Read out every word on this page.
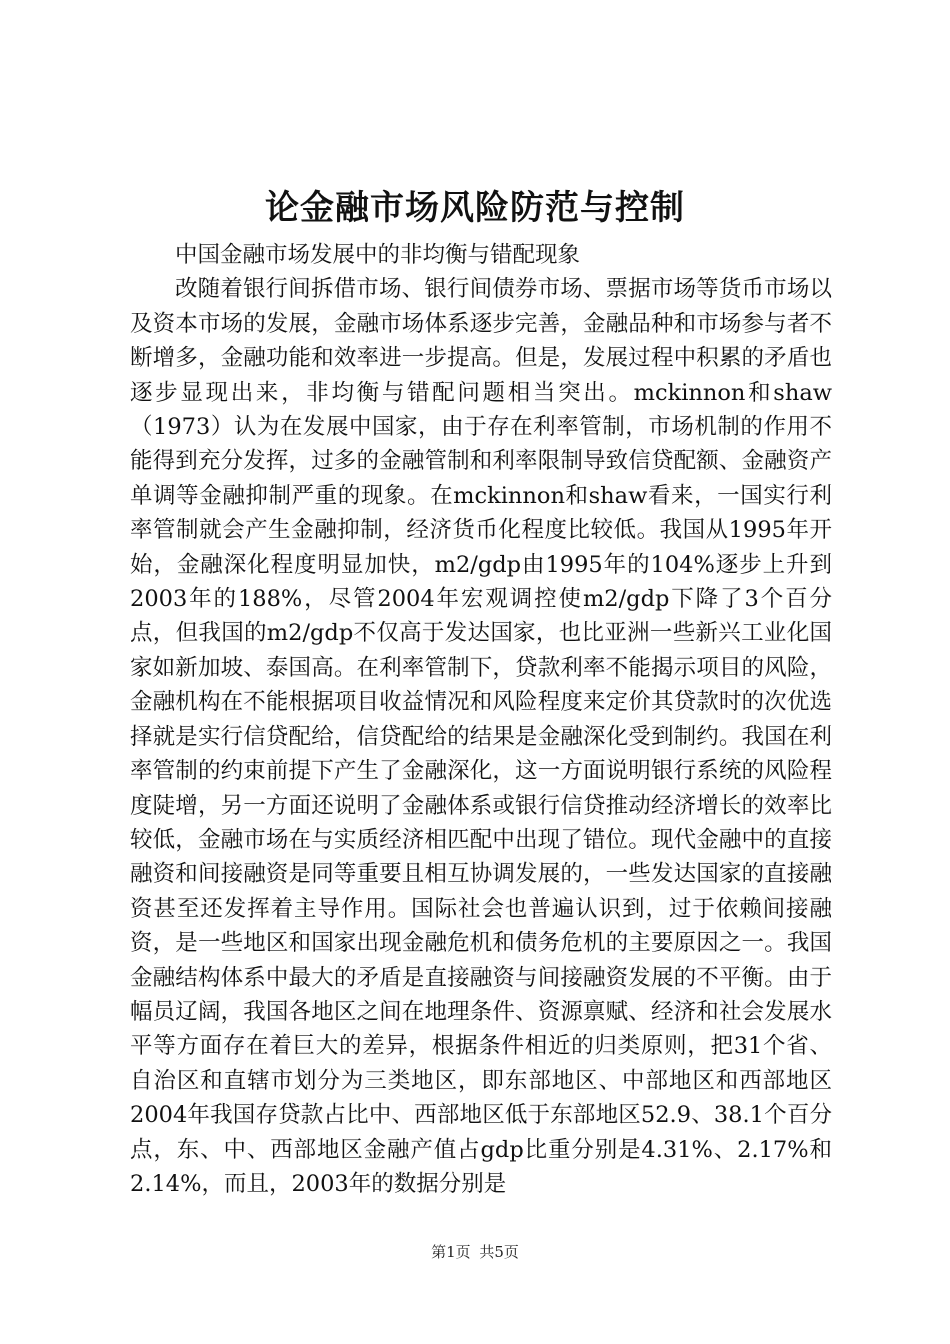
论金融市场风险防范与控制

中国金融市场发展中的非均衡与错配现象

改随着银行间拆借市场、银行间债券市场、票据市场等货币市场以及资本市场的发展，金融市场体系逐步完善，金融品种和市场参与者不断增多，金融功能和效率进一步提高。但是，发展过程中积累的矛盾也逐步显现出来，非均衡与错配问题相当突出。mckinnon和shaw（1973）认为在发展中国家，由于存在利率管制，市场机制的作用不能得到充分发挥，过多的金融管制和利率限制导致信贷配额、金融资产单调等金融抑制严重的现象。在mckinnon和shaw看来，一国实行利率管制就会产生金融抑制，经济货币化程度比较低。我国从1995年开始，金融深化程度明显加快，m2/gdp由1995年的104%逐步上升到2003年的188%，尽管2004年宏观调控使m2/gdp下降了3个百分点，但我国的m2/gdp不仅高于发达国家，也比亚洲一些新兴工业化国家如新加坡、泰国高。在利率管制下，贷款利率不能揭示项目的风险，金融机构在不能根据项目收益情况和风险程度来定价其贷款时的次优选择就是实行信贷配给，信贷配给的结果是金融深化受到制约。我国在利率管制的约束前提下产生了金融深化，这一方面说明银行系统的风险程度陡增，另一方面还说明了金融体系或银行信贷推动经济增长的效率比较低，金融市场在与实质经济相匹配中出现了错位。现代金融中的直接融资和间接融资是同等重要且相互协调发展的，一些发达国家的直接融资甚至还发挥着主导作用。国际社会也普遍认识到，过于依赖间接融资，是一些地区和国家出现金融危机和债务危机的主要原因之一。我国金融结构体系中最大的矛盾是直接融资与间接融资发展的不平衡。由于幅员辽阔，我国各地区之间在地理条件、资源禀赋、经济和社会发展水平等方面存在着巨大的差异，根据条件相近的归类原则，把31个省、自治区和直辖市划分为三类地区，即东部地区、中部地区和西部地区2004年我国存贷款占比中、西部地区低于东部地区52.9、38.1个百分点，东、中、西部地区金融产值占gdp比重分别是4.31%、2.17%和2.14%，而且，2003年的数据分别是

第1页 共5页
